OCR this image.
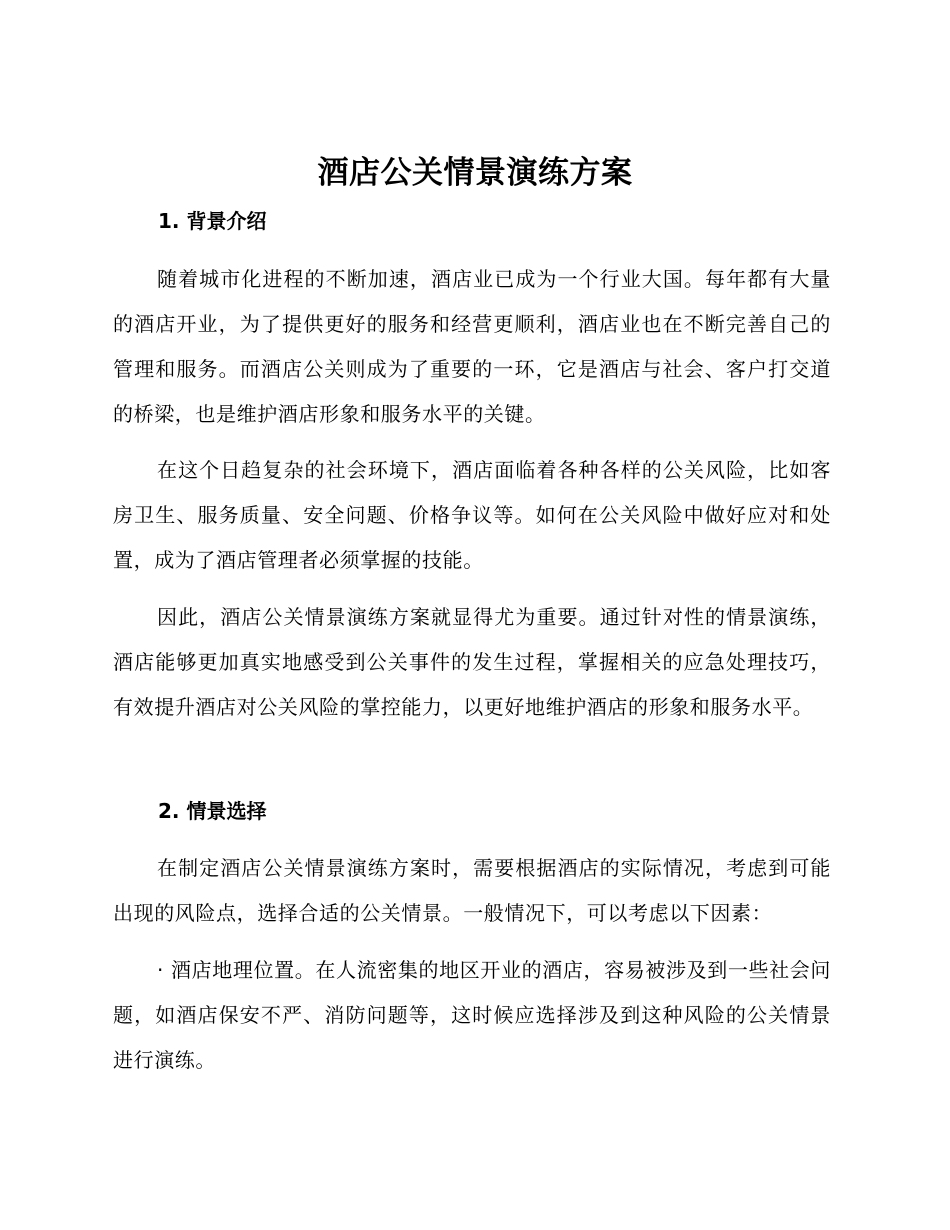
酒店公关情景演练方案
1. 背景介绍

随着城市化进程的不断加速，酒店业已成为一个行业大国。每年都有大量的酒店开业，为了提供更好的服务和经营更顺利，酒店业也在不断完善自己的管理和服务。而酒店公关则成为了重要的一环，它是酒店与社会、客户打交道的桥梁，也是维护酒店形象和服务水平的关键。

在这个日趋复杂的社会环境下，酒店面临着各种各样的公关风险，比如客房卫生、服务质量、安全问题、价格争议等。如何在公关风险中做好应对和处置，成为了酒店管理者必须掌握的技能。

因此，酒店公关情景演练方案就显得尤为重要。通过针对性的情景演练，酒店能够更加真实地感受到公关事件的发生过程，掌握相关的应急处理技巧，有效提升酒店对公关风险的掌控能力，以更好地维护酒店的形象和服务水平。

2. 情景选择

在制定酒店公关情景演练方案时，需要根据酒店的实际情况，考虑到可能出现的风险点，选择合适的公关情景。一般情况下，可以考虑以下因素：

· 酒店地理位置。在人流密集的地区开业的酒店，容易被涉及到一些社会问题，如酒店保安不严、消防问题等，这时候应选择涉及到这种风险的公关情景进行演练。
